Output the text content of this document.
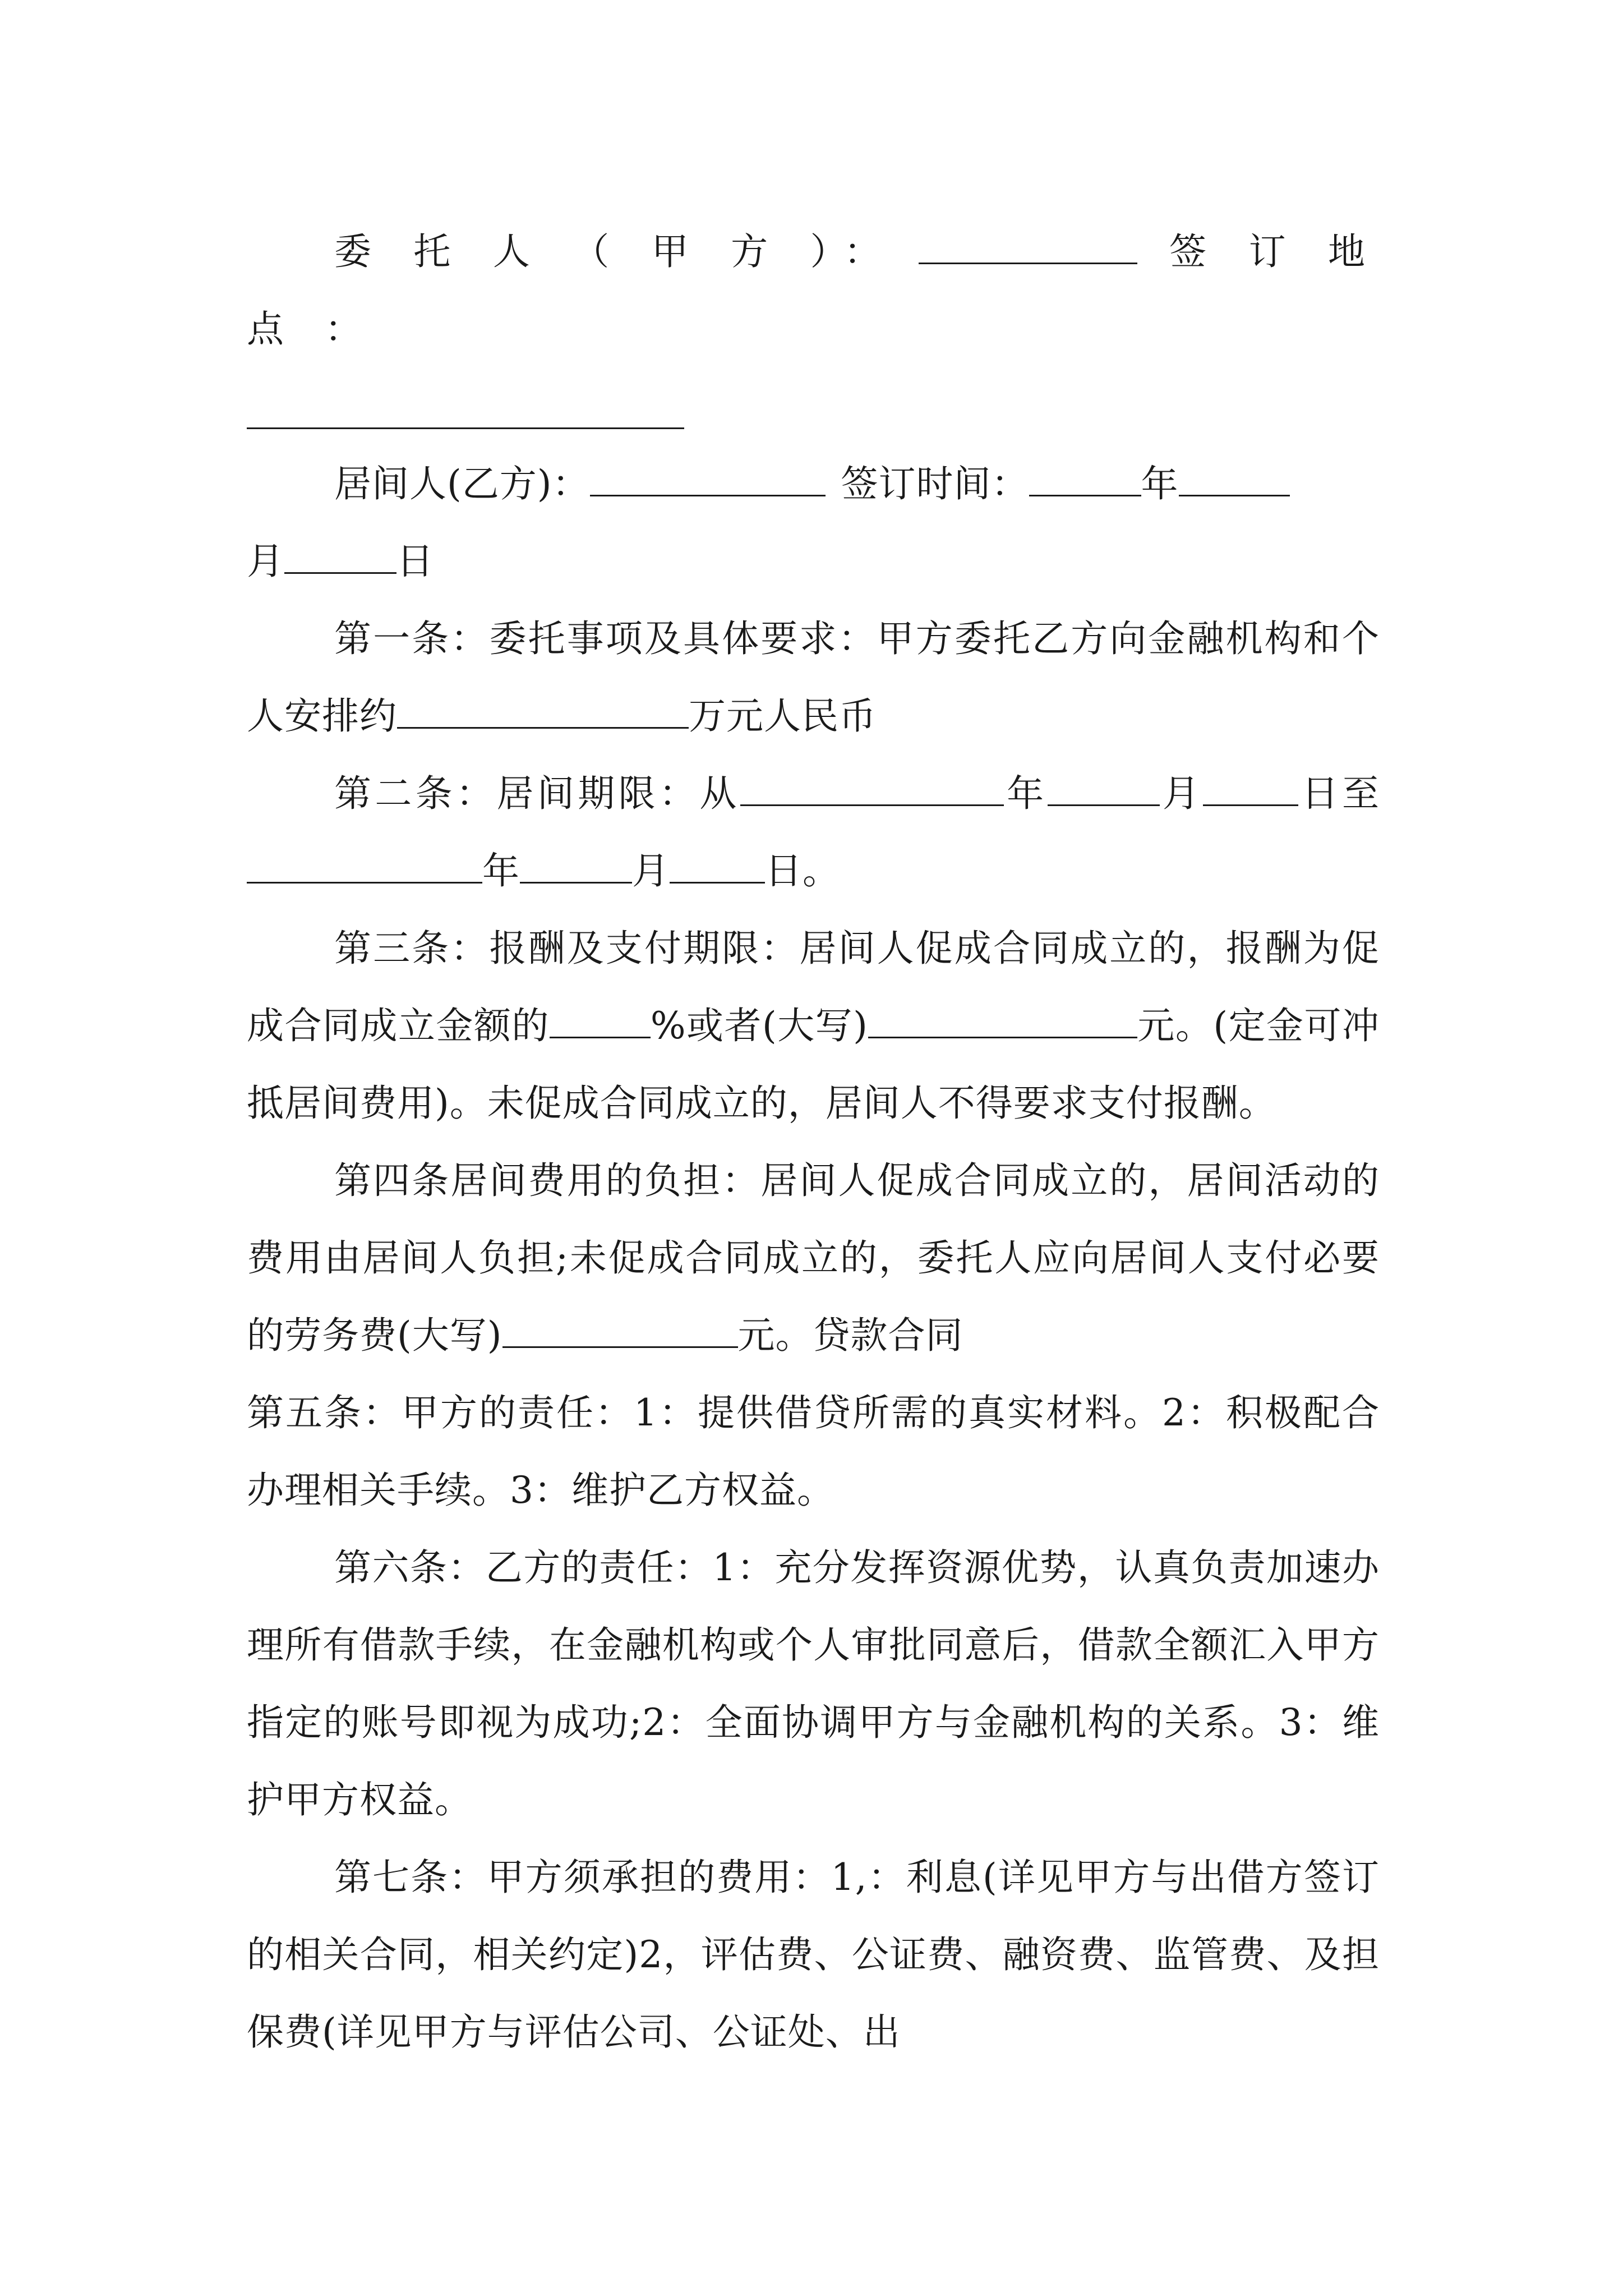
委 托 人 （ 甲 方 ）：	签 订 地 点 ：
居间人(乙方)：	签订时间：	年
月	日
第一条：委托事项及具体要求：甲方委托乙方向金融机构和个人安排约	万元人民币
第二条：居间期限：从	年	月	日至年	月	日。
第三条：报酬及支付期限：居间人促成合同成立的，报酬为促成合同成立金额的	%或者(大写)	元。(定金可冲抵居间费用)。未促成合同成立的，居间人不得要求支付报酬。
第四条居间费用的负担：居间人促成合同成立的，居间活动的费用由居间人负担;未促成合同成立的，委托人应向居间人支付必要的劳务费(大写)	元。贷款合同
第五条：甲方的责任：1：提供借贷所需的真实材料。2：积极配合办理相关手续。3：维护乙方权益。
第六条：乙方的责任：1：充分发挥资源优势，认真负责加速办理所有借款手续，在金融机构或个人审批同意后，借款全额汇入甲方指定的账号即视为成功;2：全面协调甲方与金融机构的关系。3：维护甲方权益。
第七条：甲方须承担的费用：1,：利息(详见甲方与出借方签订的相关合同，相关约定)2，评估费、公证费、融资费、监管费、及担保费(详见甲方与评估公司、公证处、出
